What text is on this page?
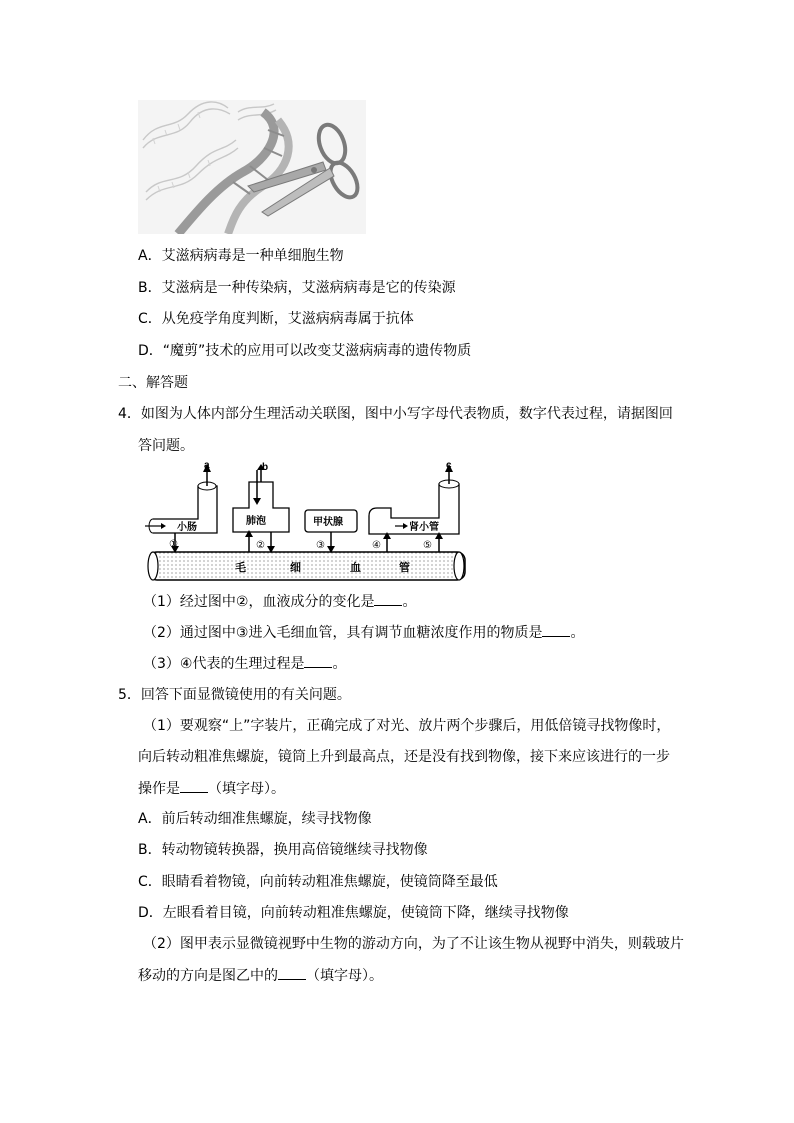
A．艾滋病病毒是一种单细胞生物
B．艾滋病是一种传染病，艾滋病病毒是它的传染源
C．从免疫学角度判断，艾滋病病毒属于抗体
D．“魔剪”技术的应用可以改变艾滋病病毒的遗传物质
二、解答题
4．如图为人体内部分生理活动关联图，图中小写字母代表物质，数字代表过程，请据图回
答问题。
毛	细	血	管
小肠
a
①
肺泡
b
②
甲状腺
③
肾小管
c
④	⑤
（1）经过图中②，血液成分的变化是 。
（2）通过图中③进入毛细血管，具有调节血糖浓度作用的物质是 。
（3）④代表的生理过程是 。
5．回答下面显微镜使用的有关问题。
（1）要观察“上”字装片，正确完成了对光、放片两个步骤后，用低倍镜寻找物像时，
向后转动粗准焦螺旋，镜筒上升到最高点，还是没有找到物像，接下来应该进行的一步
操作是 （填字母）。
A．前后转动细准焦螺旋，续寻找物像
B．转动物镜转换器，换用高倍镜继续寻找物像
C．眼睛看着物镜，向前转动粗准焦螺旋，使镜筒降至最低
D．左眼看着目镜，向前转动粗准焦螺旋，使镜筒下降，继续寻找物像
（2）图甲表示显微镜视野中生物的游动方向，为了不让该生物从视野中消失，则载玻片
移动的方向是图乙中的 （填字母）。
